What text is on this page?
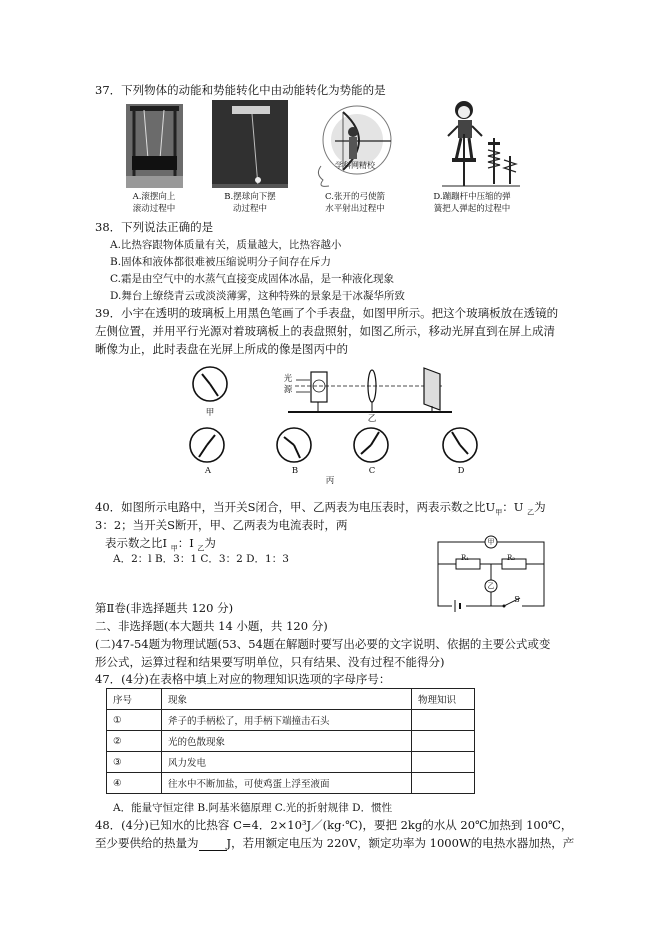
37．下列物体的动能和势能转化中由动能转化为势能的是
学科网精校
A.滚摆向上
滚动过程中
B.摆球向下摆
动过程中
C.张开的弓使箭
水平射出过程中
D.蹦蹦杆中压缩的弹
簧把人弹起的过程中
38．下列说法正确的是
A.比热容跟物体质量有关，质量越大，比热容越小
B.固体和液体都很难被压缩说明分子间存在斥力
C.霜是由空气中的水蒸气直接变成固体冰晶，是一种液化现象
D.舞台上缭绕青云或淡淡薄雾，这种特殊的景象是干冰凝华所致
39．小宇在透明的玻璃板上用黑色笔画了个手表盘，如图甲所示。把这个玻璃板放在透镜的
左侧位置，并用平行光源对着玻璃板上的表盘照射，如图乙所示，移动光屏直到在屏上成清
晰像为止，此时表盘在光屏上所成的像是图丙中的
甲
乙
光
源
A	B	C	D
丙
40．如图所示电路中，当开关S闭合，甲、乙两表为电压表时，两表示数之比$U_甲$：U $_乙$为
3：2；当开关S断开，甲、乙两表为电流表时，两
表示数之比I $_甲$：I $_乙$为
A．2：l B．3：1 C．3：2 D．1：3
甲
乙
R₁	R₂
S
第Ⅱ卷(非选择题共 120 分)
二、非选择题(本大题共 14 小题，共 120 分)
(二)47-54题为物理试题(53、54题在解题时要写出必要的文字说明、依据的主要公式或变
形公式，运算过程和结果要写明单位，只有结果、没有过程不能得分)
47．(4分)在表格中填上对应的物理知识选项的字母序号：
序号	现象	物理知识
①	斧子的手柄松了，用手柄下端撞击石头	
②	光的色散现象	
③	风力发电	
④	往水中不断加盐，可使鸡蛋上浮至液面	
A．能量守恒定律 B.阿基米德原理 C.光的折射规律 D．惯性
48．(4分)已知水的比热容 C=4．2×10³J／(kg·℃)，要把 2kg的水从 20℃加热到 100℃，
至少要供给的热量为 J，若用额定电压为 220V，额定功率为 1000W的电热水器加热，产
